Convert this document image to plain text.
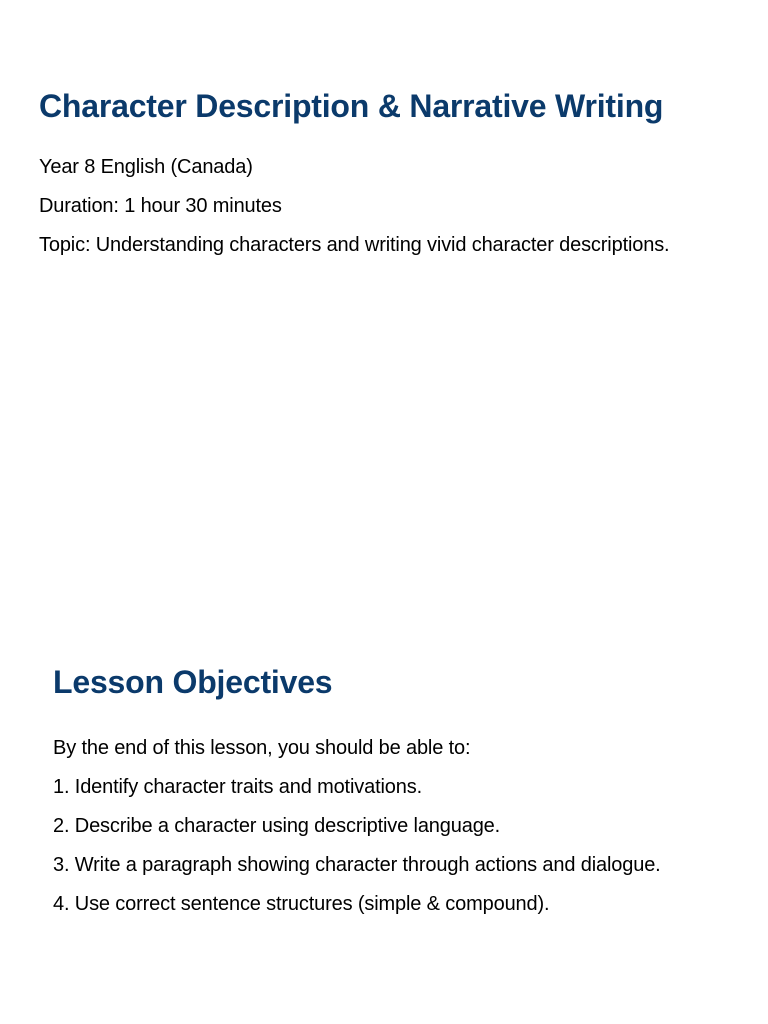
Character Description & Narrative Writing
Year 8 English (Canada)
Duration: 1 hour 30 minutes
Topic: Understanding characters and writing vivid character descriptions.
Lesson Objectives
By the end of this lesson, you should be able to:
1. Identify character traits and motivations.
2. Describe a character using descriptive language.
3. Write a paragraph showing character through actions and dialogue.
4. Use correct sentence structures (simple & compound).
